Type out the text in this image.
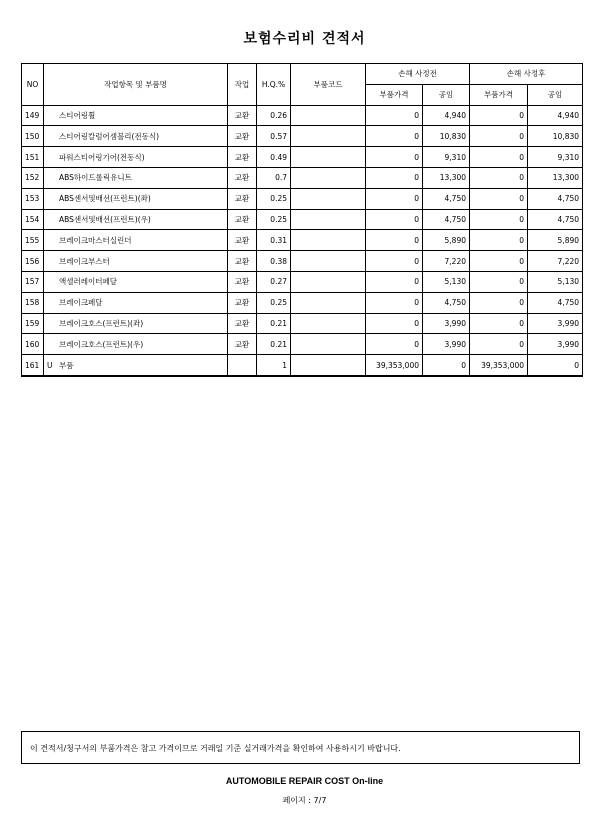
보험수리비 견적서
NO	작업항목 및 부품명	작업	H.Q.%	부품코드	손해 사정전		손해 사정후	
					부품가격	공임	부품가격	공임
149	스티어링휠	교환	0.26		0	4,940	0	4,940
150	스티어링칼럼어셈블리(전동식)	교환	0.57		0	10,830	0	10,830
151	파워스티어링기어(전동식)	교환	0.49		0	9,310	0	9,310
152	ABS하이드롤릭유니트	교환	0.7		0	13,300	0	13,300
153	ABS센서및배선(프런트)(좌)	교환	0.25		0	4,750	0	4,750
154	ABS센서및배선(프런트)(우)	교환	0.25		0	4,750	0	4,750
155	브레이크마스터실린더	교환	0.31		0	5,890	0	5,890
156	브레이크부스터	교환	0.38		0	7,220	0	7,220
157	액셀러레이터페달	교환	0.27		0	5,130	0	5,130
158	브레이크페달	교환	0.25		0	4,750	0	4,750
159	브레이크호스(프런트)(좌)	교환	0.21		0	3,990	0	3,990
160	브레이크호스(프런트)(우)	교환	0.21		0	3,990	0	3,990
161	U 부품		1		39,353,000	0	39,353,000	0
이 견적서/청구서의 부품가격은 참고 가격이므로 거래일 기준 실거래가격을 확인하여 사용하시기 바랍니다.
AUTOMOBILE REPAIR COST On-line
페이지 : 7/7
